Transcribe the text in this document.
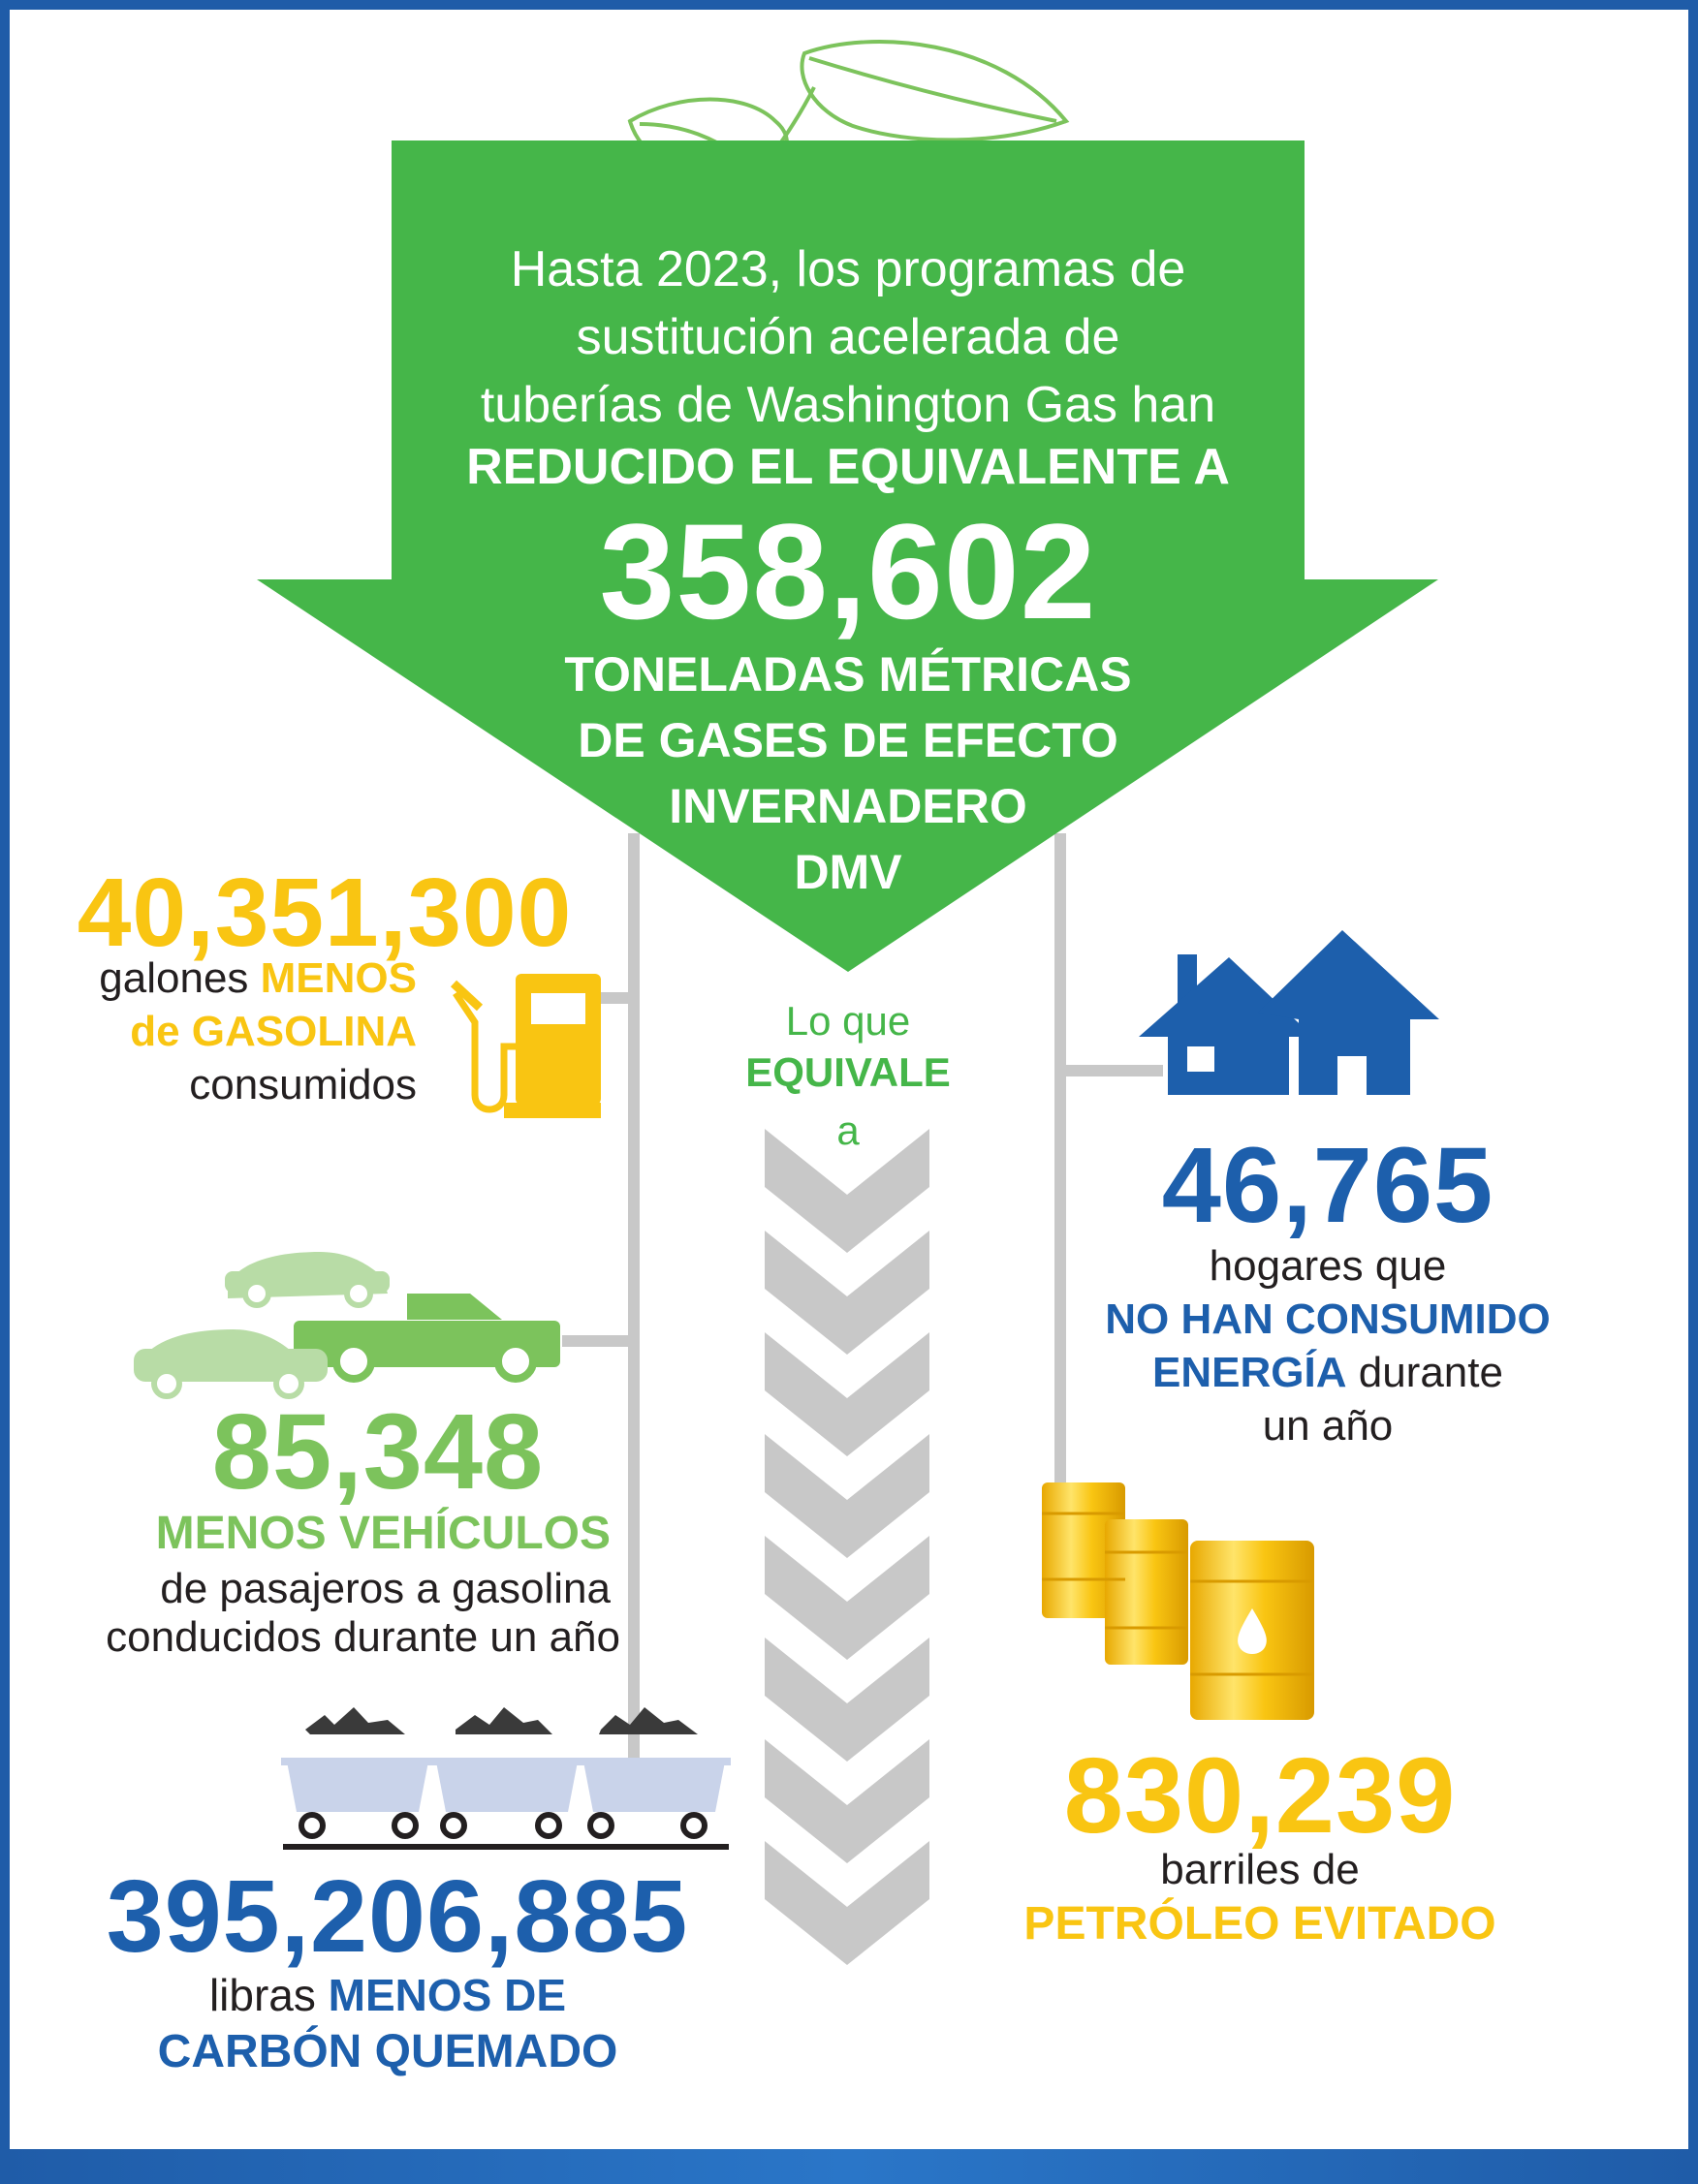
Hasta 2023, los programas de

sustitución acelerada de

tuberías de Washington Gas han

REDUCIDO EL EQUIVALENTE A

358,602

TONELADAS MÉTRICAS

DE GASES DE EFECTO

INVERNADERO

DMV

Lo que

EQUIVALE

a

40,351,300

galones MENOS

de GASOLINA

consumidos

46,765

hogares que

NO HAN CONSUMIDO

ENERGÍA durante

un año

85,348

MENOS VEHÍCULOS

de pasajeros a gasolina

conducidos durante un año

830,239

barriles de

PETRÓLEO EVITADO

395,206,885

libras MENOS DE

CARBÓN QUEMADO
